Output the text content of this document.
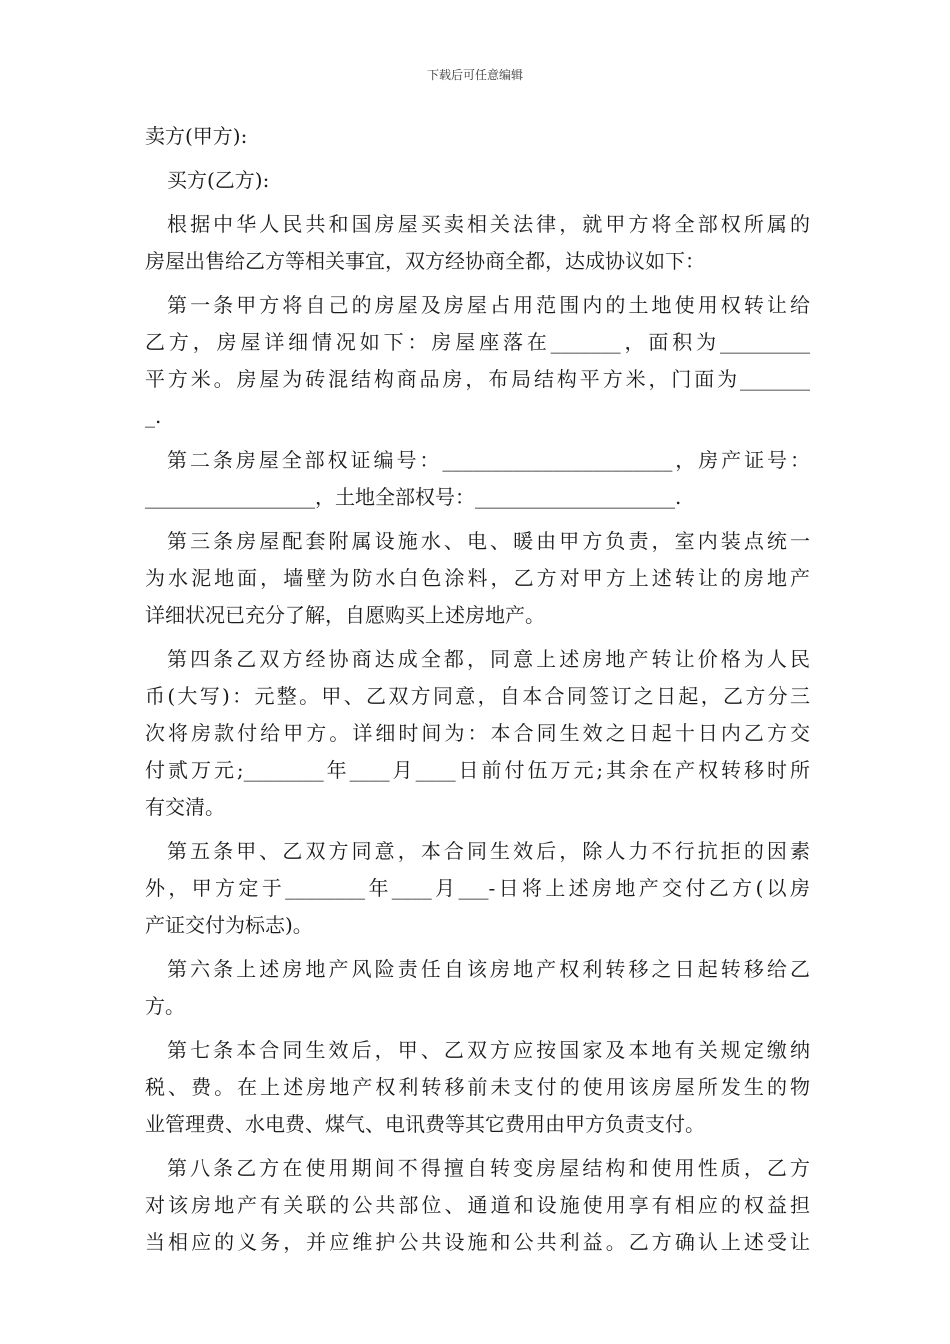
下载后可任意编辑
卖方(甲方):
买方(乙方):
根据中华人民共和国房屋买卖相关法律，就甲方将全部权所属的
房屋出售给乙方等相关事宜，双方经协商全都，达成协议如下：
第一条甲方将自己的房屋及房屋占用范围内的土地使用权转让给
乙方，房屋详细情况如下：房屋座落在_______，面积为_________
平方米。房屋为砖混结构商品房，布局结构平方米，门面为_______
_.
第二条房屋全部权证编号：_______________________，房产证号：
_________________，土地全部权号：____________________.
第三条房屋配套附属设施水、电、暖由甲方负责，室内装点统一
为水泥地面，墙壁为防水白色涂料，乙方对甲方上述转让的房地产
详细状况已充分了解，自愿购买上述房地产。
第四条乙双方经协商达成全都，同意上述房地产转让价格为人民
币(大写)：元整。甲、乙双方同意，自本合同签订之日起，乙方分三
次将房款付给甲方。详细时间为：本合同生效之日起十日内乙方交
付贰万元;________年____月____日前付伍万元;其余在产权转移时所
有交清。
第五条甲、乙双方同意，本合同生效后，除人力不行抗拒的因素
外，甲方定于________年____月___-日将上述房地产交付乙方(以房
产证交付为标志)。
第六条上述房地产风险责任自该房地产权利转移之日起转移给乙
方。
第七条本合同生效后，甲、乙双方应按国家及本地有关规定缴纳
税、费。在上述房地产权利转移前未支付的使用该房屋所发生的物
业管理费、水电费、煤气、电讯费等其它费用由甲方负责支付。
第八条乙方在使用期间不得擅自转变房屋结构和使用性质，乙方
对该房地产有关联的公共部位、通道和设施使用享有相应的权益担
当相应的义务，并应维护公共设施和公共利益。乙方确认上述受让
